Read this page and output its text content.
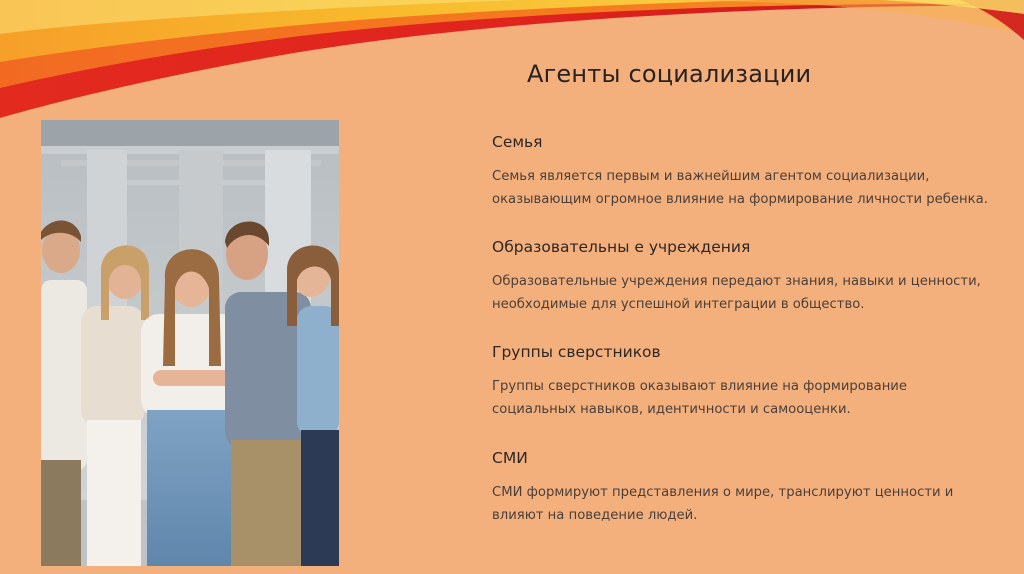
Агенты социализации
Семья
Семья является первым и важнейшим агентом социализации, оказывающим огромное влияние на формирование личности ребенка.
Образовательны е учреждения
Образовательные учреждения передают знания, навыки и ценности, необходимые для успешной интеграции в общество.
Группы сверстников
Группы сверстников оказывают влияние на формирование социальных навыков, идентичности и самооценки.
СМИ
СМИ формируют представления о мире, транслируют ценности и влияют на поведение людей.
